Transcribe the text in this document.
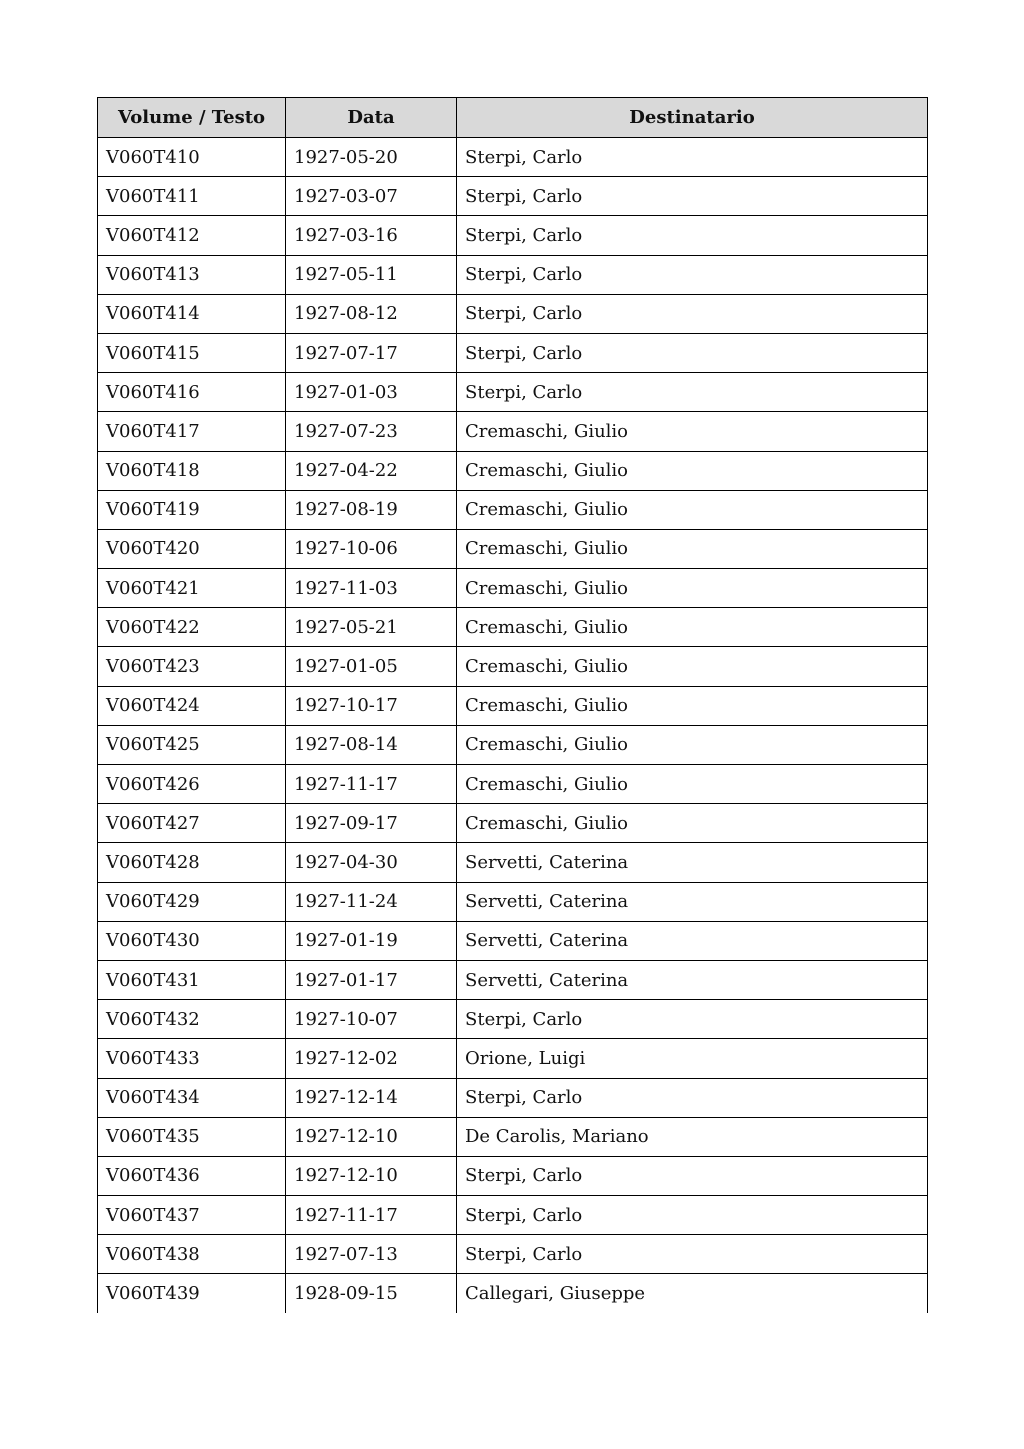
Volume / Testo	Data	Destinatario
V060T410	1927-05-20	Sterpi, Carlo
V060T411	1927-03-07	Sterpi, Carlo
V060T412	1927-03-16	Sterpi, Carlo
V060T413	1927-05-11	Sterpi, Carlo
V060T414	1927-08-12	Sterpi, Carlo
V060T415	1927-07-17	Sterpi, Carlo
V060T416	1927-01-03	Sterpi, Carlo
V060T417	1927-07-23	Cremaschi, Giulio
V060T418	1927-04-22	Cremaschi, Giulio
V060T419	1927-08-19	Cremaschi, Giulio
V060T420	1927-10-06	Cremaschi, Giulio
V060T421	1927-11-03	Cremaschi, Giulio
V060T422	1927-05-21	Cremaschi, Giulio
V060T423	1927-01-05	Cremaschi, Giulio
V060T424	1927-10-17	Cremaschi, Giulio
V060T425	1927-08-14	Cremaschi, Giulio
V060T426	1927-11-17	Cremaschi, Giulio
V060T427	1927-09-17	Cremaschi, Giulio
V060T428	1927-04-30	Servetti, Caterina
V060T429	1927-11-24	Servetti, Caterina
V060T430	1927-01-19	Servetti, Caterina
V060T431	1927-01-17	Servetti, Caterina
V060T432	1927-10-07	Sterpi, Carlo
V060T433	1927-12-02	Orione, Luigi
V060T434	1927-12-14	Sterpi, Carlo
V060T435	1927-12-10	De Carolis, Mariano
V060T436	1927-12-10	Sterpi, Carlo
V060T437	1927-11-17	Sterpi, Carlo
V060T438	1927-07-13	Sterpi, Carlo
V060T439	1928-09-15	Callegari, Giuseppe
